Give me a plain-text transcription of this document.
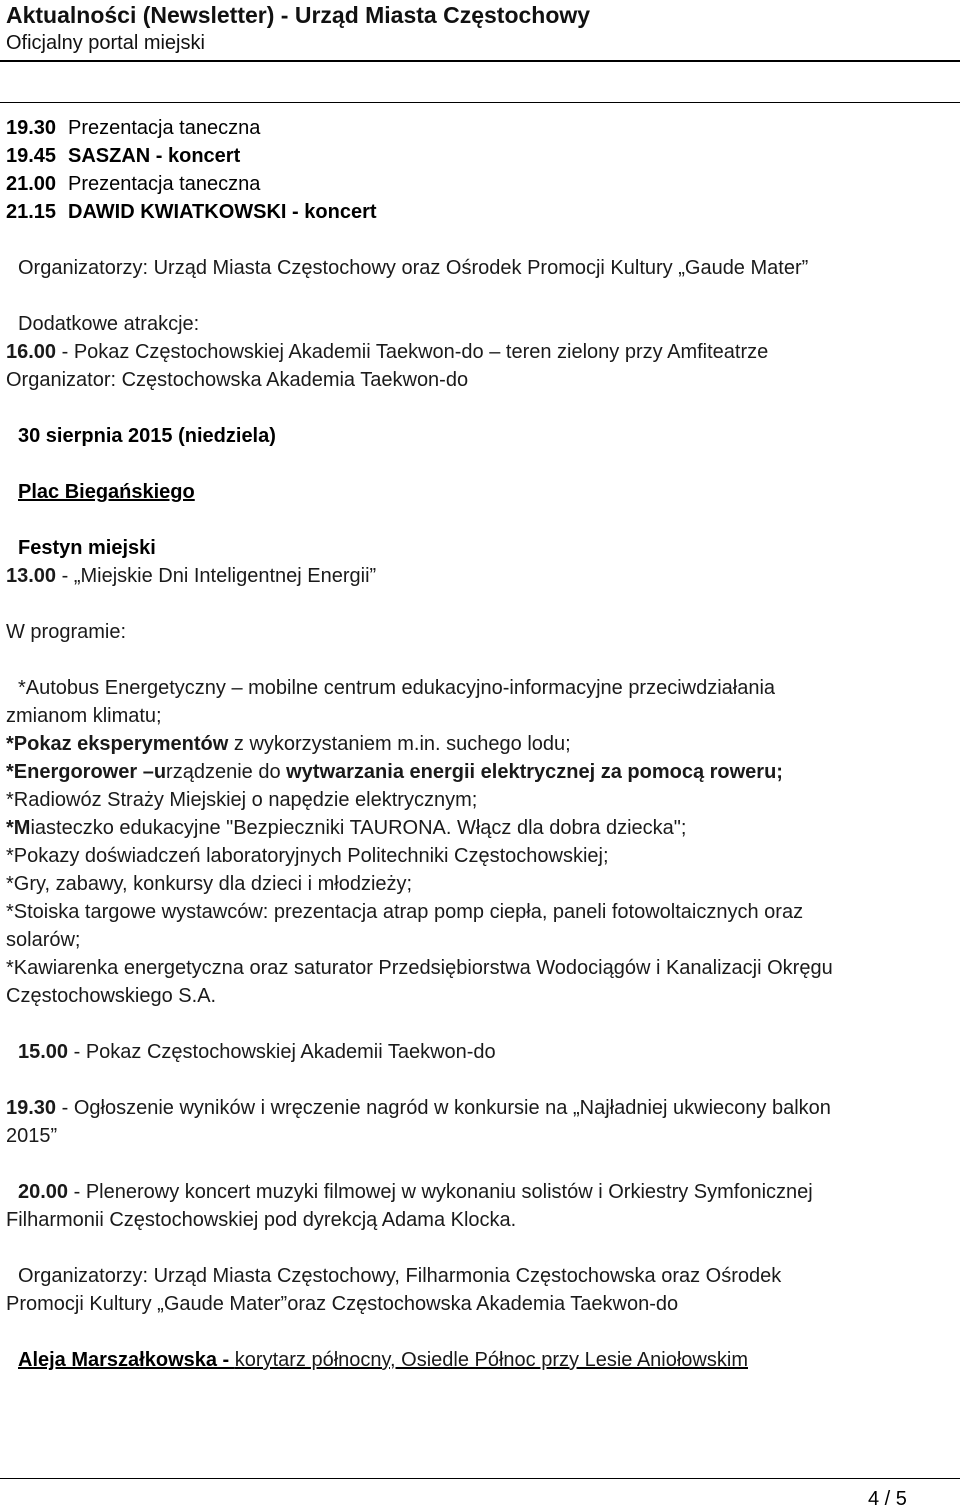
Aktualności (Newsletter) - Urząd Miasta Częstochowy
Oficjalny portal miejski
19.30 Prezentacja taneczna
19.45 SASZAN - koncert
21.00 Prezentacja taneczna
21.15 DAWID KWIATKOWSKI - koncert
Organizatorzy: Urząd Miasta Częstochowy oraz Ośrodek Promocji Kultury „Gaude Mater”
Dodatkowe atrakcje:
16.00 - Pokaz Częstochowskiej Akademii Taekwon-do – teren zielony przy Amfiteatrze
Organizator: Częstochowska Akademia Taekwon-do
30 sierpnia 2015 (niedziela)
Plac Biegańskiego
Festyn miejski
13.00 - „Miejskie Dni Inteligentnej Energii”
W programie:
*Autobus Energetyczny – mobilne centrum edukacyjno-informacyjne przeciwdziałania
zmianom klimatu;
*Pokaz eksperymentów z wykorzystaniem m.in. suchego lodu;
*Energorower –urządzenie do wytwarzania energii elektrycznej za pomocą roweru;
*Radiowóz Straży Miejskiej o napędzie elektrycznym;
*Miasteczko edukacyjne "Bezpieczniki TAURONA. Włącz dla dobra dziecka";
*Pokazy doświadczeń laboratoryjnych Politechniki Częstochowskiej;
*Gry, zabawy, konkursy dla dzieci i młodzieży;
*Stoiska targowe wystawców: prezentacja atrap pomp ciepła, paneli fotowoltaicznych oraz
solarów;
*Kawiarenka energetyczna oraz saturator Przedsiębiorstwa Wodociągów i Kanalizacji Okręgu
Częstochowskiego S.A.
15.00 - Pokaz Częstochowskiej Akademii Taekwon-do
19.30 - Ogłoszenie wyników i wręczenie nagród w konkursie na „Najładniej ukwiecony balkon
2015”
20.00 - Plenerowy koncert muzyki filmowej w wykonaniu solistów i Orkiestry Symfonicznej
Filharmonii Częstochowskiej pod dyrekcją Adama Klocka.
Organizatorzy: Urząd Miasta Częstochowy, Filharmonia Częstochowska oraz Ośrodek
Promocji Kultury „Gaude Mater”oraz Częstochowska Akademia Taekwon-do
Aleja Marszałkowska - korytarz północny, Osiedle Północ przy Lesie Aniołowskim
4 / 5
